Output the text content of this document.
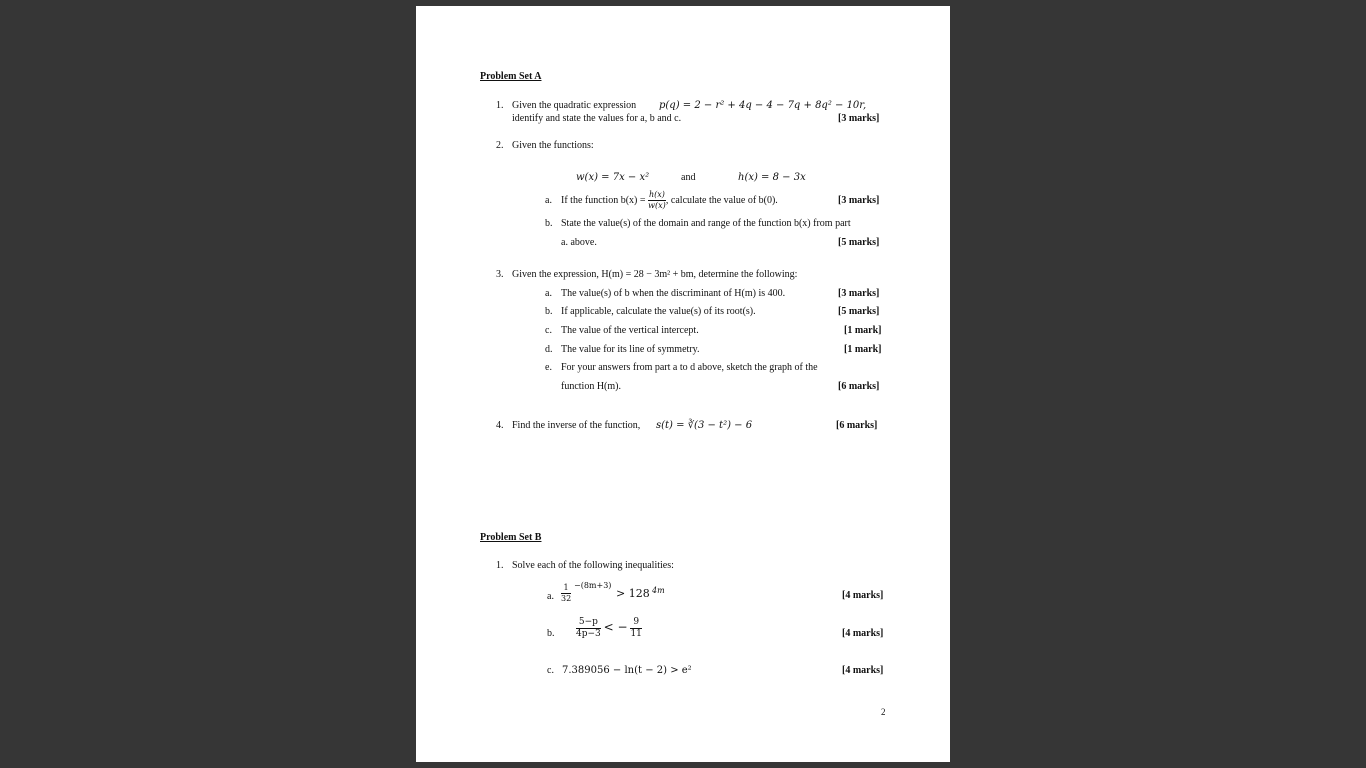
Problem Set A
1. Given the quadratic expression p(q) = 2 − r² + 4q − 4 − 7q + 8q² − 10r,
identify and state the values for a, b and c.	[3 marks]
2. Given the functions:
w(x) = 7x − x²	and	h(x) = 8 − 3x
a. If the function $b(x) = \frac{h(x)}{w(x)}$ , calculate the value of b(0).	[3 marks]
b. State the value(s) of the domain and range of the function b(x) from part
a. above.	[5 marks]
3. Given the expression, H(m) = 28 − 3m² + bm, determine the following:
a. The value(s) of b when the discriminant of H(m) is 400.	[3 marks]
b. If applicable, calculate the value(s) of its root(s).	[5 marks]
c. The value of the vertical intercept.	[1 mark]
d. The value for its line of symmetry.	[1 mark]
e. For your answers from part a to d above, sketch the graph of the
function H(m).	[6 marks]
4. Find the inverse of the function, s(t) = ∛(3 − t²) − 6	[6 marks]
Problem Set B
1. Solve each of the following inequalities:
a. $\frac{1}{32} -(8m+3)$
> 128 4m	[4 marks]
b. $\frac{5-p}{4p-3}$ < − $\frac{9}{11}$	[4 marks]
c. 7.389056 − ln(t − 2) > e²	[4 marks]
2
